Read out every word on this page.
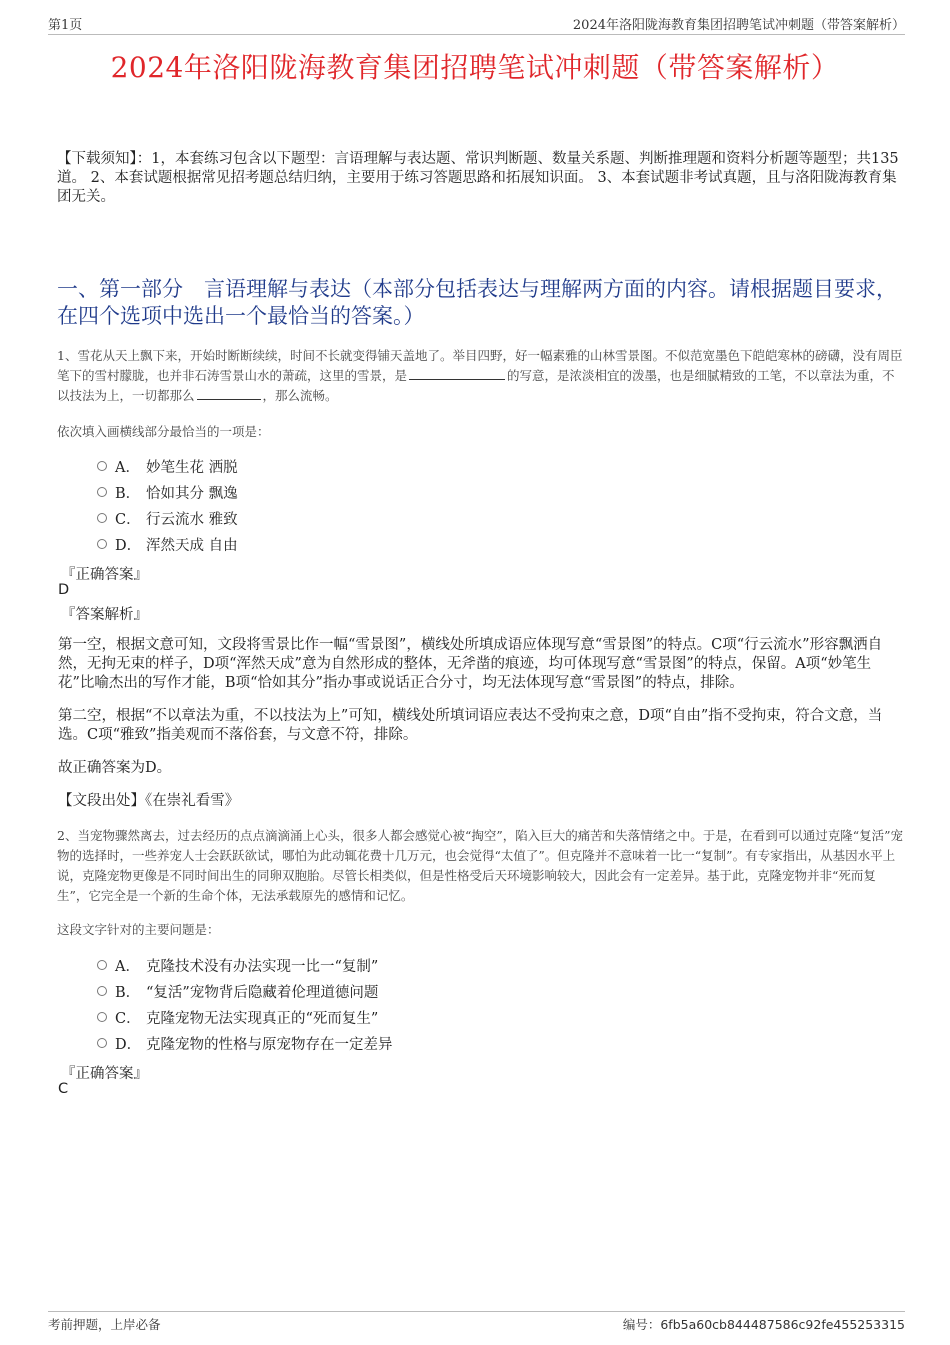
第1页	2024年洛阳陇海教育集团招聘笔试冲刺题（带答案解析）
2024年洛阳陇海教育集团招聘笔试冲刺题（带答案解析）
【下载须知】：1，本套练习包含以下题型：言语理解与表达题、常识判断题、数量关系题、判断推理题和资料分析题等题型；共135道。 2、本套试题根据常见招考题总结归纳，主要用于练习答题思路和拓展知识面。 3、本套试题非考试真题，且与洛阳陇海教育集团无关。
一、第一部分　言语理解与表达（本部分包括表达与理解两方面的内容。请根据题目要求，在四个选项中选出一个最恰当的答案。）
1、雪花从天上飘下来，开始时断断续续，时间不长就变得铺天盖地了。举目四野，好一幅素雅的山林雪景图。不似范宽墨色下皑皑寒林的磅礴，没有周臣笔下的雪村朦胧，也并非石涛雪景山水的萧疏，这里的雪景，是	的写意，是浓淡相宜的泼墨，也是细腻精致的工笔，不以章法为重，不以技法为上，一切都那么	，那么流畅。
依次填入画横线部分最恰当的一项是：
A． 妙笔生花 洒脱
B． 恰如其分 飘逸
C． 行云流水 雅致
D． 浑然天成 自由
『正确答案』
D
『答案解析』
第一空，根据文意可知，文段将雪景比作一幅“雪景图”，横线处所填成语应体现写意“雪景图”的特点。C项“行云流水”形容飘洒自然，无拘无束的样子，D项“浑然天成”意为自然形成的整体，无斧凿的痕迹，均可体现写意“雪景图”的特点，保留。A项“妙笔生花”比喻杰出的写作才能，B项“恰如其分”指办事或说话正合分寸，均无法体现写意“雪景图”的特点，排除。
第二空，根据“不以章法为重，不以技法为上”可知，横线处所填词语应表达不受拘束之意，D项“自由”指不受拘束，符合文意，当选。C项“雅致”指美观而不落俗套，与文意不符，排除。
故正确答案为D。
【文段出处】《在崇礼看雪》
2、当宠物骤然离去，过去经历的点点滴滴涌上心头，很多人都会感觉心被“掏空”，陷入巨大的痛苦和失落情绪之中。于是，在看到可以通过克隆“复活”宠物的选择时，一些养宠人士会跃跃欲试，哪怕为此动辄花费十几万元，也会觉得“太值了”。但克隆并不意味着一比一“复制”。有专家指出，从基因水平上说，克隆宠物更像是不同时间出生的同卵双胞胎。尽管长相类似，但是性格受后天环境影响较大，因此会有一定差异。基于此，克隆宠物并非“死而复生”，它完全是一个新的生命个体，无法承载原先的感情和记忆。
这段文字针对的主要问题是：
A． 克隆技术没有办法实现一比一“复制”
B． “复活”宠物背后隐藏着伦理道德问题
C． 克隆宠物无法实现真正的“死而复生”
D． 克隆宠物的性格与原宠物存在一定差异
『正确答案』
C
考前押题，上岸必备	编号：6fb5a60cb844487586c92fe455253315
